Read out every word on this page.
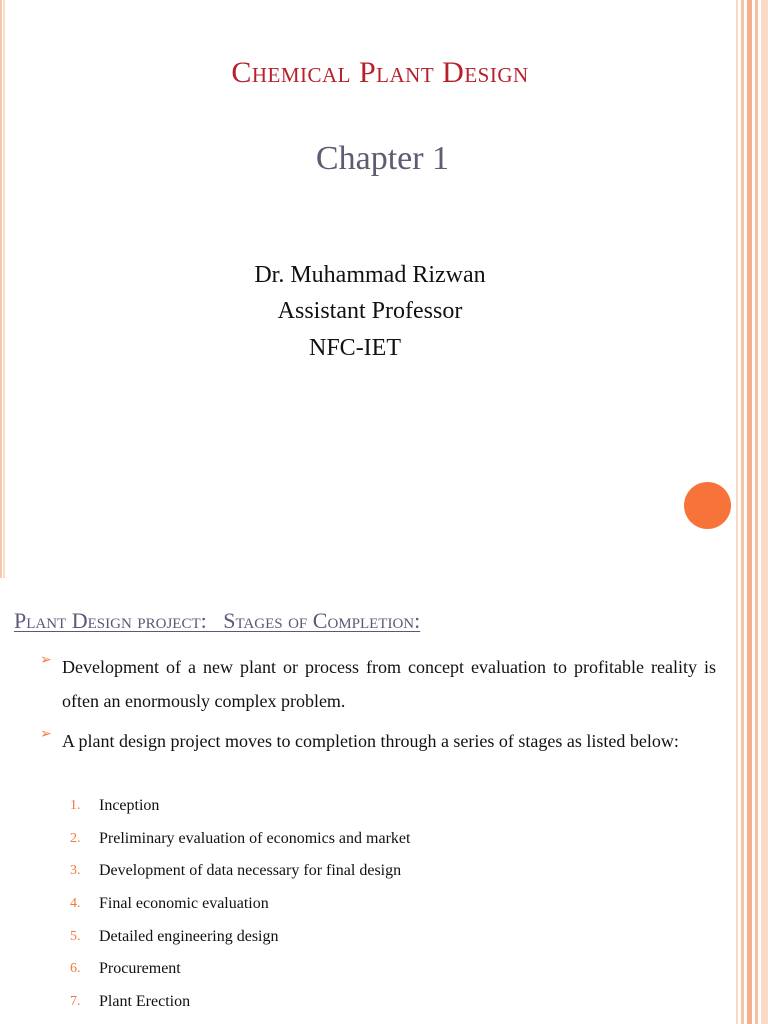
Chemical Plant Design
Chapter 1
Dr. Muhammad Rizwan
Assistant Professor
NFC-IET
Plant Design project:   Stages of Completion:
➢ Development of a new plant or process from concept evaluation to profitable reality is often an enormously complex problem.
➢ A plant design project moves to completion through a series of stages as listed below:
1.	Inception
2.	Preliminary evaluation of economics and market
3.	Development of data necessary for final design
4.	Final economic evaluation
5.	Detailed engineering design
6.	Procurement
7.	Plant Erection
